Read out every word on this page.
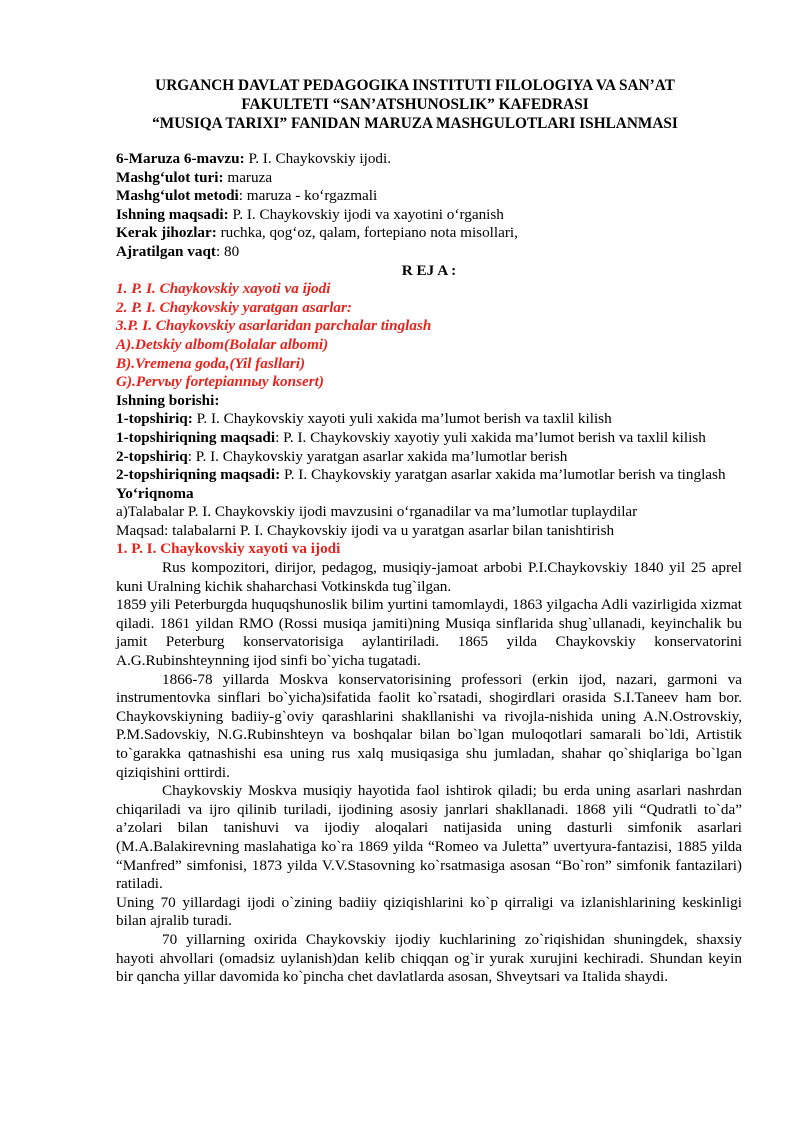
URGANCH DAVLAT PEDAGOGIKA INSTITUTI FILOLOGIYA VA SAN’AT
FAKULTETI “SAN’ATSHUNOSLIK” KAFEDRASI
“MUSIQA TARIXI” FANIDAN MARUZA MASHGULOTLARI ISHLANMASI

6-Maruza 6-mavzu: P. I. Chaykovskiy ijodi.

Mashg‘ulot turi: maruza

Mashg‘ulot metodi: maruza - ko‘rgazmali

Ishning maqsadi: P. I. Chaykovskiy ijodi va xayotini o‘rganish

Kerak jihozlar: ruchka, qog‘oz, qalam, fortepiano nota misollari,

Ajratilgan vaqt: 80

R EJ A :

1. P. I. Chaykovskiy xayoti va ijodi

2. P. I. Chaykovskiy yaratgan asarlar:

3.P. I. Chaykovskiy asarlaridan parchalar tinglash

A).Detskiy albom(Bolalar albomi)

B).Vremena goda,(Yil fasllari)

G).Pervыy fortepiannыy konsert)

Ishning borishi:

1-topshiriq: P. I. Chaykovskiy xayoti yuli xakida ma’lumot berish va taxlil kilish

1-topshiriqning maqsadi: P. I. Chaykovskiy xayotiy yuli xakida ma’lumot berish va taxlil kilish

2-topshiriq: P. I. Chaykovskiy yaratgan asarlar xakida ma’lumotlar berish

2-topshiriqning maqsadi: P. I. Chaykovskiy yaratgan asarlar xakida ma’lumotlar berish va tinglash

Yo‘riqnoma

a)Talabalar P. I. Chaykovskiy ijodi mavzusini o‘rganadilar va ma’lumotlar tuplaydilar

Maqsad: talabalarni P. I. Chaykovskiy ijodi va u yaratgan asarlar bilan tanishtirish

1. P. I. Chaykovskiy xayoti va ijodi

Rus kompozitori, dirijor, pedagog, musiqiy-jamoat arbobi P.I.Chaykovskiy 1840 yil 25 aprel kuni Uralning kichik shaharchasi Votkinskda tug`ilgan.

1859 yili Peterburgda huquqshunoslik bilim yurtini tamomlaydi, 1863 yilgacha Adli vazirligida xizmat qiladi. 1861 yildan RMO (Rossi musiqa jamiti)ning Musiqa sinflarida shug`ullanadi, keyinchalik bu jamit Peterburg konservatorisiga aylantiriladi. 1865 yilda Chaykovskiy konservatorini A.G.Rubinshteynning ijod sinfi bo`yicha tugatadi.

1866-78 yillarda Moskva konservatorisining professori (erkin ijod, nazari, garmoni va instrumentovka sinflari bo`yicha)sifatida faolit ko`rsatadi, shogirdlari orasida S.I.Taneev ham bor. Chaykovskiyning badiiy-g`oviy qarashlarini shakllanishi va rivojla-nishida uning A.N.Ostrovskiy, P.M.Sadovskiy, N.G.Rubinshteyn va boshqalar bilan bo`lgan muloqotlari samarali bo`ldi, Artistik to`garakka qatnashishi esa uning rus xalq musiqasiga shu jumladan, shahar qo`shiqlariga bo`lgan qiziqishini orttirdi.

Chaykovskiy Moskva musiqiy hayotida faol ishtirok qiladi; bu erda uning asarlari nashrdan chiqariladi va ijro qilinib turiladi, ijodining asosiy janrlari shakllanadi. 1868 yili “Qudratli to`da” a’zolari bilan tanishuvi va ijodiy aloqalari natijasida uning dasturli simfonik asarlari (M.A.Balakirevning maslahatiga ko`ra 1869 yilda “Romeo va Juletta” uvertyura-fantazisi, 1885 yilda “Manfred” simfonisi, 1873 yilda V.V.Stasovning ko`rsatmasiga asosan “Bo`ron” simfonik fantazilari) ratiladi.

Uning 70 yillardagi ijodi o`zining badiiy qiziqishlarini ko`p qirraligi va izlanishlarining keskinligi bilan ajralib turadi.

70 yillarning oxirida Chaykovskiy ijodiy kuchlarining zo`riqishidan shuningdek, shaxsiy hayoti ahvollari (omadsiz uylanish)dan kelib chiqqan og`ir yurak xurujini kechiradi. Shundan keyin bir qancha yillar davomida ko`pincha chet davlatlarda asosan, Shveytsari va Italida shaydi.
